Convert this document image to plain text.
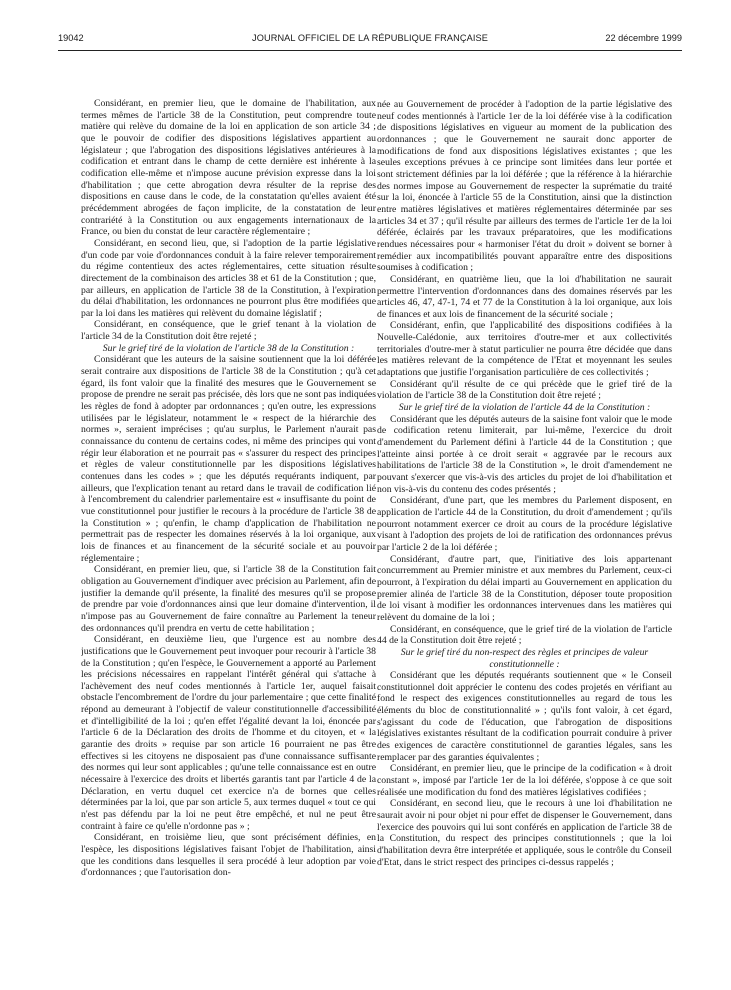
19042	JOURNAL OFFICIEL DE LA RÉPUBLIQUE FRANÇAISE	22 décembre 1999

Considérant, en premier lieu, que le domaine de l'habilitation, aux termes mêmes de l'article 38 de la Constitution, peut comprendre toute matière qui relève du domaine de la loi en application de son article 34 ; que le pouvoir de codifier des dispositions législatives appartient au législateur ; que l'abrogation des dispositions législatives antérieures à la codification et entrant dans le champ de cette dernière est inhérente à la codification elle-même et n'impose aucune prévision expresse dans la loi d'habilitation ; que cette abrogation devra résulter de la reprise des dispositions en cause dans le code, de la constatation qu'elles avaient été précédemment abrogées de façon implicite, de la constatation de leur contrariété à la Constitution ou aux engagements internationaux de la France, ou bien du constat de leur caractère réglementaire ;

Considérant, en second lieu, que, si l'adoption de la partie législative d'un code par voie d'ordonnances conduit à la faire relever temporairement du régime contentieux des actes réglementaires, cette situation résulte directement de la combinaison des articles 38 et 61 de la Constitution ; que, par ailleurs, en application de l'article 38 de la Constitution, à l'expiration du délai d'habilitation, les ordonnances ne pourront plus être modifiées que par la loi dans les matières qui relèvent du domaine législatif ;

Considérant, en conséquence, que le grief tenant à la violation de l'article 34 de la Constitution doit être rejeté ;

Sur le grief tiré de la violation de l'article 38 de la Constitution :

Considérant que les auteurs de la saisine soutiennent que la loi déférée serait contraire aux dispositions de l'article 38 de la Constitution ; qu'à cet égard, ils font valoir que la finalité des mesures que le Gouvernement se propose de prendre ne serait pas précisée, dès lors que ne sont pas indiquées les règles de fond à adopter par ordonnances ; qu'en outre, les expressions utilisées par le législateur, notamment le « respect de la hiérarchie des normes », seraient imprécises ; qu'au surplus, le Parlement n'aurait pas connaissance du contenu de certains codes, ni même des principes qui vont régir leur élaboration et ne pourrait pas « s'assurer du respect des principes et règles de valeur constitutionnelle par les dispositions législatives contenues dans les codes » ; que les députés requérants indiquent, par ailleurs, que l'explication tenant au retard dans le travail de codification lié à l'encombrement du calendrier parlementaire est « insuffisante du point de vue constitutionnel pour justifier le recours à la procédure de l'article 38 de la Constitution » ; qu'enfin, le champ d'application de l'habilitation ne permettrait pas de respecter les domaines réservés à la loi organique, aux lois de finances et au financement de la sécurité sociale et au pouvoir réglementaire ;

Considérant, en premier lieu, que, si l'article 38 de la Constitution fait obligation au Gouvernement d'indiquer avec précision au Parlement, afin de justifier la demande qu'il présente, la finalité des mesures qu'il se propose de prendre par voie d'ordonnances ainsi que leur domaine d'intervention, il n'impose pas au Gouvernement de faire connaître au Parlement la teneur des ordonnances qu'il prendra en vertu de cette habilitation ;

Considérant, en deuxième lieu, que l'urgence est au nombre des justifications que le Gouvernement peut invoquer pour recourir à l'article 38 de la Constitution ; qu'en l'espèce, le Gouvernement a apporté au Parlement les précisions nécessaires en rappelant l'intérêt général qui s'attache à l'achèvement des neuf codes mentionnés à l'article 1er, auquel faisait obstacle l'encombrement de l'ordre du jour parlementaire ; que cette finalité répond au demeurant à l'objectif de valeur constitutionnelle d'accessibilité et d'intelligibilité de la loi ; qu'en effet l'égalité devant la loi, énoncée par l'article 6 de la Déclaration des droits de l'homme et du citoyen, et « la garantie des droits » requise par son article 16 pourraient ne pas être effectives si les citoyens ne disposaient pas d'une connaissance suffisante des normes qui leur sont applicables ; qu'une telle connaissance est en outre nécessaire à l'exercice des droits et libertés garantis tant par l'article 4 de la Déclaration, en vertu duquel cet exercice n'a de bornes que celles déterminées par la loi, que par son article 5, aux termes duquel « tout ce qui n'est pas défendu par la loi ne peut être empêché, et nul ne peut être contraint à faire ce qu'elle n'ordonne pas » ;

Considérant, en troisième lieu, que sont précisément définies, en l'espèce, les dispositions législatives faisant l'objet de l'habilitation, ainsi que les conditions dans lesquelles il sera procédé à leur adoption par voie d'ordonnances ; que l'autorisation don-

née au Gouvernement de procéder à l'adoption de la partie législative des neuf codes mentionnés à l'article 1er de la loi déférée vise à la codification de dispositions législatives en vigueur au moment de la publication des ordonnances ; que le Gouvernement ne saurait donc apporter de modifications de fond aux dispositions législatives existantes ; que les seules exceptions prévues à ce principe sont limitées dans leur portée et sont strictement définies par la loi déférée ; que la référence à la hiérarchie des normes impose au Gouvernement de respecter la suprématie du traité sur la loi, énoncée à l'article 55 de la Constitution, ainsi que la distinction entre matières législatives et matières réglementaires déterminée par ses articles 34 et 37 ; qu'il résulte par ailleurs des termes de l'article 1er de la loi déférée, éclairés par les travaux préparatoires, que les modifications rendues nécessaires pour « harmoniser l'état du droit » doivent se borner à remédier aux incompatibilités pouvant apparaître entre des dispositions soumises à codification ;

Considérant, en quatrième lieu, que la loi d'habilitation ne saurait permettre l'intervention d'ordonnances dans des domaines réservés par les articles 46, 47, 47-1, 74 et 77 de la Constitution à la loi organique, aux lois de finances et aux lois de financement de la sécurité sociale ;

Considérant, enfin, que l'applicabilité des dispositions codifiées à la Nouvelle-Calédonie, aux territoires d'outre-mer et aux collectivités territoriales d'outre-mer à statut particulier ne pourra être décidée que dans les matières relevant de la compétence de l'Etat et moyennant les seules adaptations que justifie l'organisation particulière de ces collectivités ;

Considérant qu'il résulte de ce qui précède que le grief tiré de la violation de l'article 38 de la Constitution doit être rejeté ;

Sur le grief tiré de la violation de l'article 44 de la Constitution :

Considérant que les députés auteurs de la saisine font valoir que le mode de codification retenu limiterait, par lui-même, l'exercice du droit d'amendement du Parlement défini à l'article 44 de la Constitution ; que l'atteinte ainsi portée à ce droit serait « aggravée par le recours aux habilitations de l'article 38 de la Constitution », le droit d'amendement ne pouvant s'exercer que vis-à-vis des articles du projet de loi d'habilitation et non vis-à-vis du contenu des codes présentés ;

Considérant, d'une part, que les membres du Parlement disposent, en application de l'article 44 de la Constitution, du droit d'amendement ; qu'ils pourront notamment exercer ce droit au cours de la procédure législative visant à l'adoption des projets de loi de ratification des ordonnances prévus par l'article 2 de la loi déférée ;

Considérant, d'autre part, que, l'initiative des lois appartenant concurremment au Premier ministre et aux membres du Parlement, ceux-ci pourront, à l'expiration du délai imparti au Gouvernement en application du premier alinéa de l'article 38 de la Constitution, déposer toute proposition de loi visant à modifier les ordonnances intervenues dans les matières qui relèvent du domaine de la loi ;

Considérant, en conséquence, que le grief tiré de la violation de l'article 44 de la Constitution doit être rejeté ;

Sur le grief tiré du non-respect des règles et principes de valeur constitutionnelle :

Considérant que les députés requérants soutiennent que « le Conseil constitutionnel doit apprécier le contenu des codes projetés en vérifiant au fond le respect des exigences constitutionnelles au regard de tous les éléments du bloc de constitutionnalité » ; qu'ils font valoir, à cet égard, s'agissant du code de l'éducation, que l'abrogation de dispositions législatives existantes résultant de la codification pourrait conduire à priver des exigences de caractère constitutionnel de garanties légales, sans les remplacer par des garanties équivalentes ;

Considérant, en premier lieu, que le principe de la codification « à droit constant », imposé par l'article 1er de la loi déférée, s'oppose à ce que soit réalisée une modification du fond des matières législatives codifiées ;

Considérant, en second lieu, que le recours à une loi d'habilitation ne saurait avoir ni pour objet ni pour effet de dispenser le Gouvernement, dans l'exercice des pouvoirs qui lui sont conférés en application de l'article 38 de la Constitution, du respect des principes constitutionnels ; que la loi d'habilitation devra être interprétée et appliquée, sous le contrôle du Conseil d'Etat, dans le strict respect des principes ci-dessus rappelés ;
